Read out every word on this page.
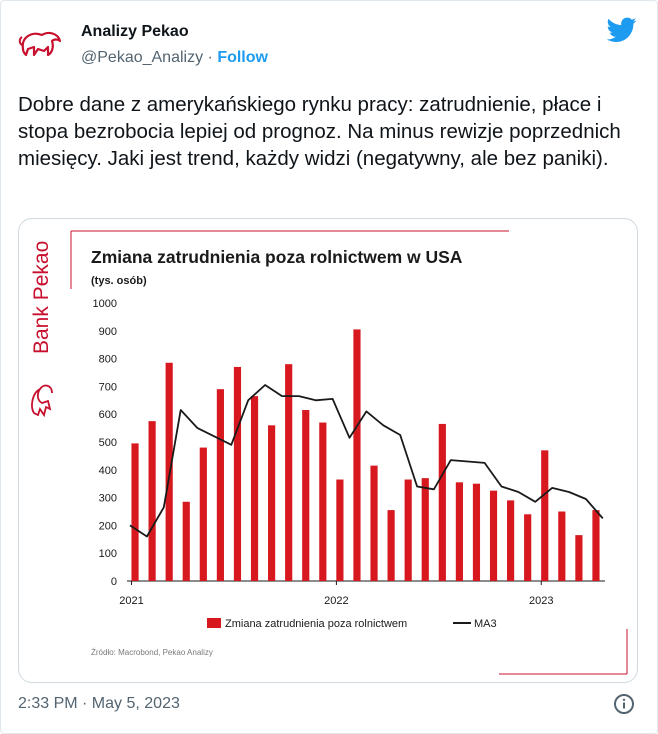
Analizy Pekao
@Pekao_Analizy · Follow
Dobre dane z amerykańskiego rynku pracy: zatrudnienie, płace i stopa bezrobocia lepiej od prognoz. Na minus rewizje poprzednich miesięcy. Jaki jest trend, każdy widzi (negatywny, ale bez paniki).
Bank Pekao Zmiana zatrudnienia poza rolnictwem w USA
(tys. osób)
0
100
200
300
400
500
600
700
800
900
1000
2021	2022	2023
Zmiana zatrudnienia poza rolnictwem	MA3
Źródło: Macrobond, Pekao Analizy
2:33 PM · May 5, 2023
